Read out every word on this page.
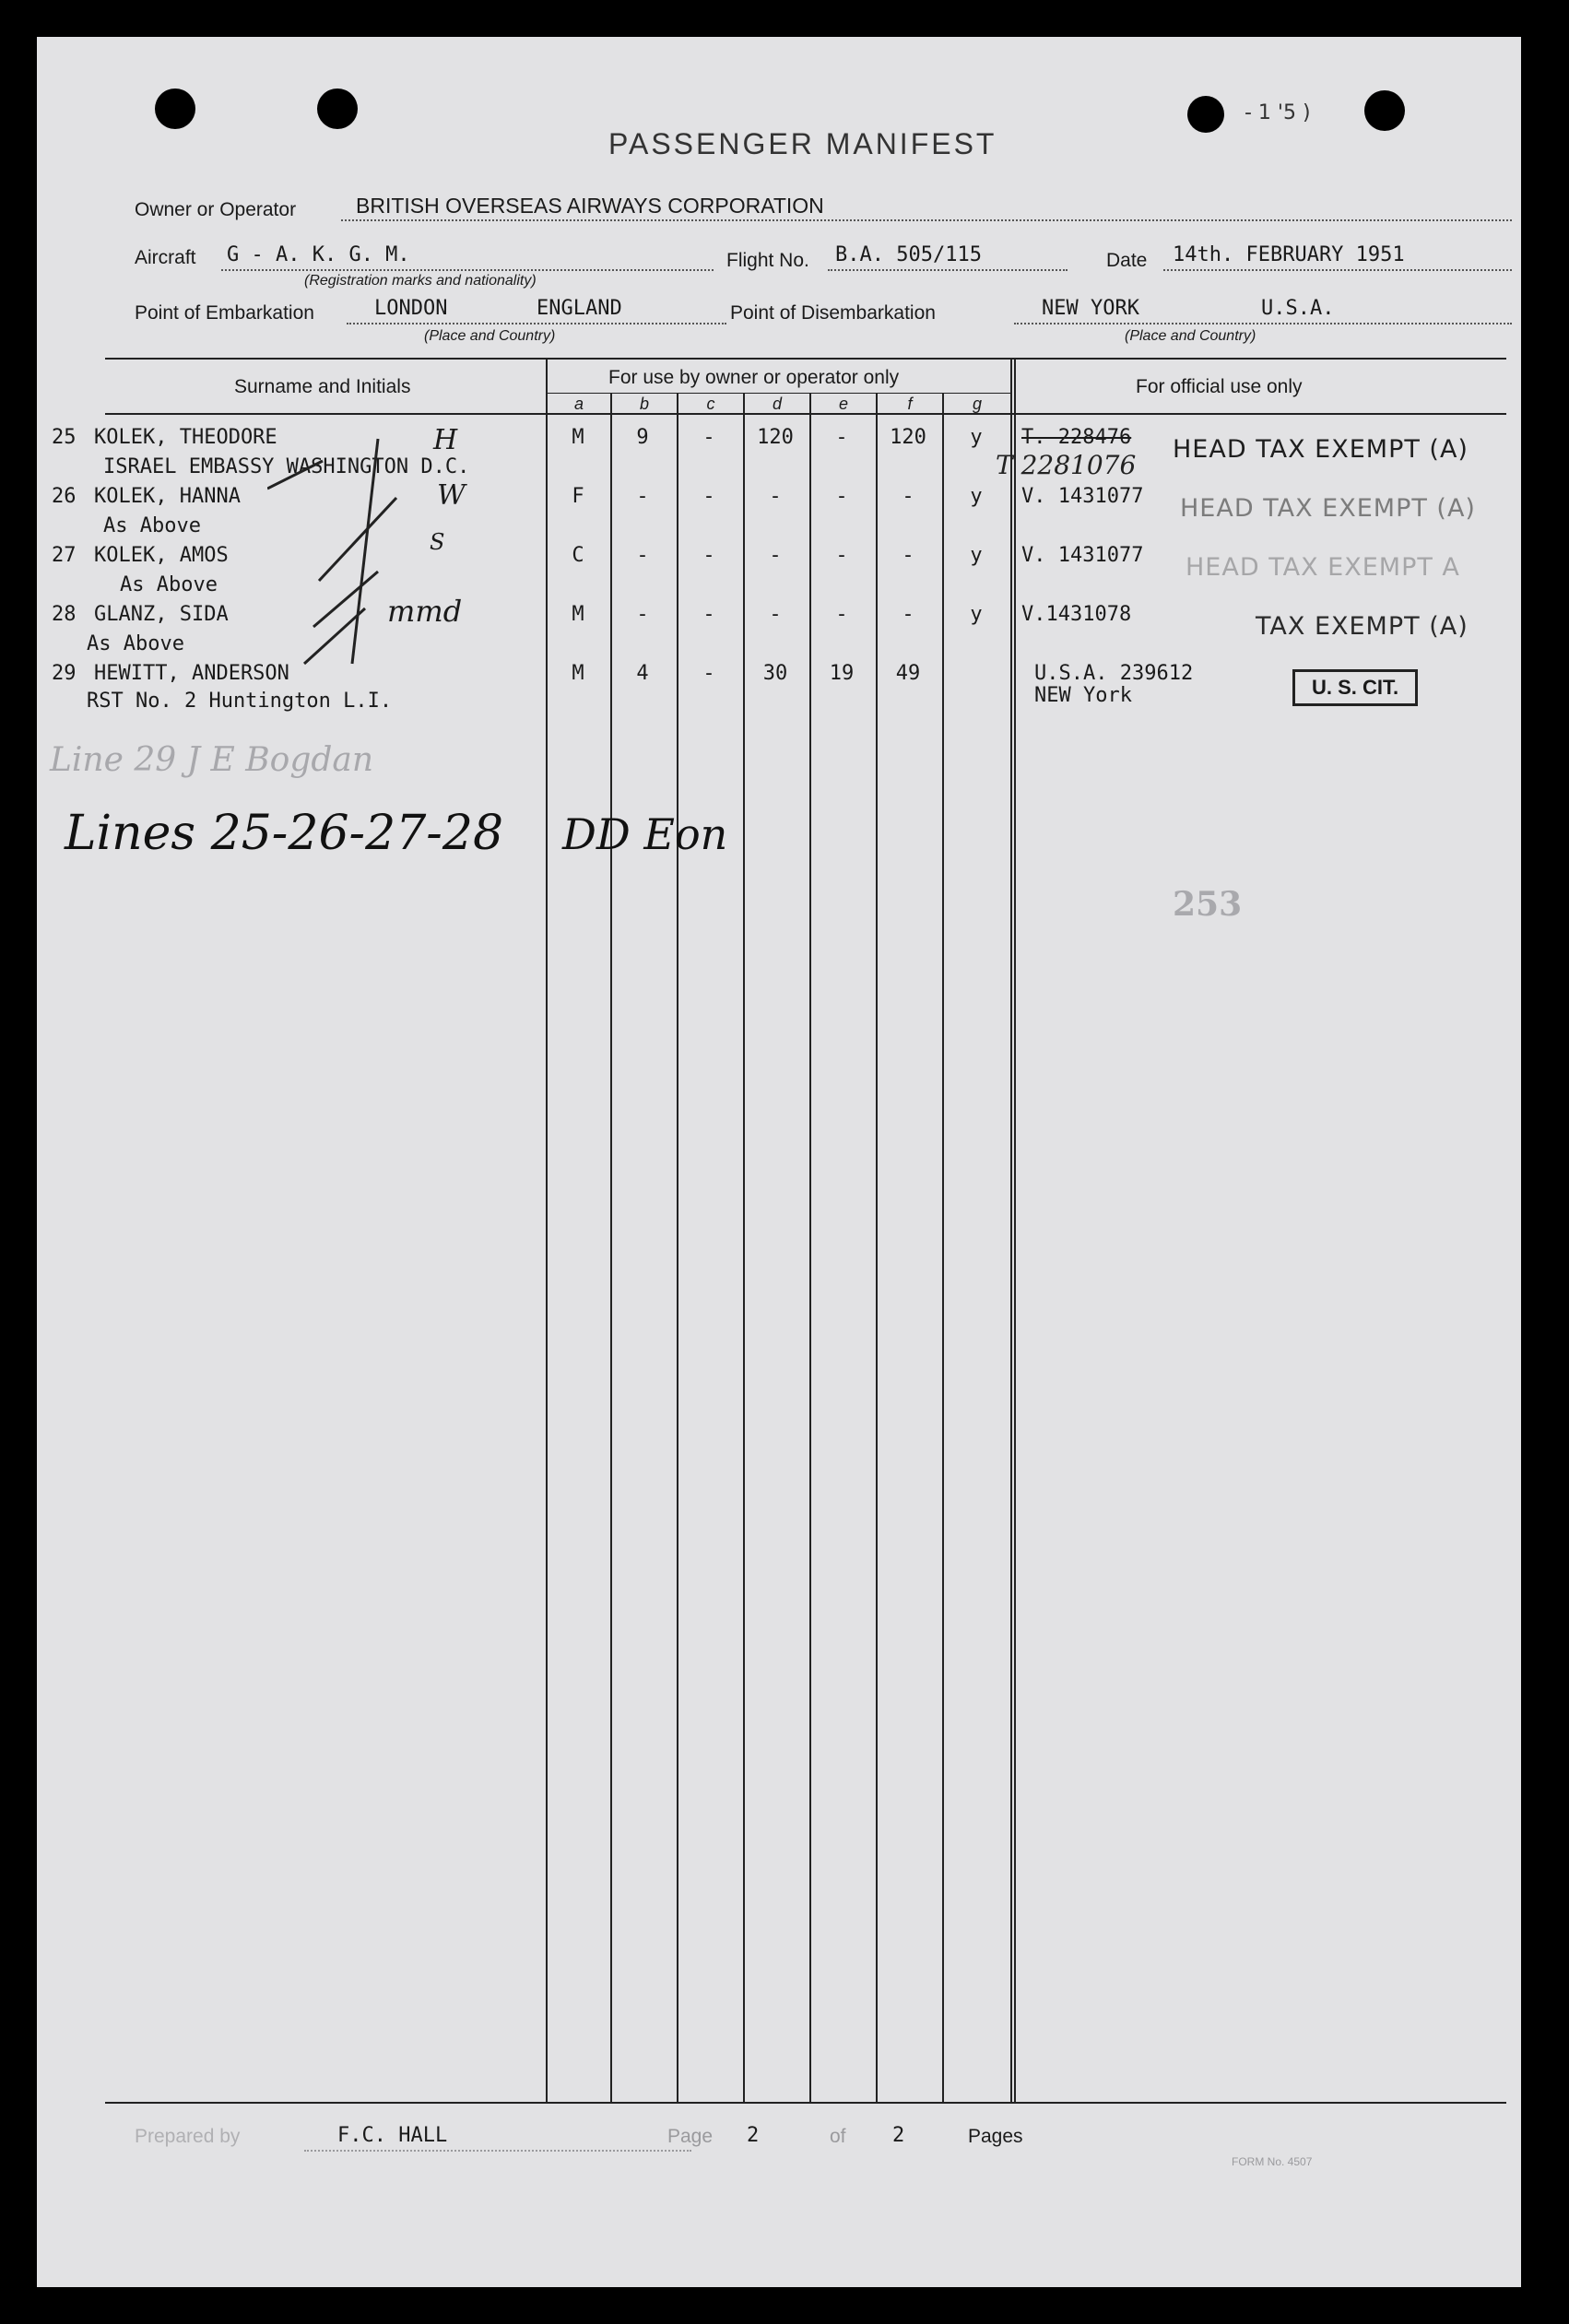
PASSENGER MANIFEST
- 1 '5 )
Owner or Operator	BRITISH OVERSEAS AIRWAYS CORPORATION
Aircraft G - A. K. G. M.
(Registration marks and nationality)
Flight No. B.A. 505/115	Date 14th. FEBRUARY 1951
Point of Embarkation	LONDON	ENGLAND
(Place and Country)
Point of Disembarkation	NEW YORK	U.S.A.
(Place and Country)
Surname and Initials	For use by owner or operator only	For official use only
a	b	c	d	e	f	g
25 KOLEK, THEODORE
ISRAEL EMBASSY WASHINGTON D.C.
M	9	-	120	-	120	y	T. 228476
T 2281076
HEAD TAX EXEMPT (A)
26 KOLEK, HANNA
As Above
F	-	-	-	-	-	y	V. 1431077 HEAD TAX EXEMPT (A)
27 KOLEK, AMOS
As Above
C	-	-	-	-	-	y	V. 1431077 HEAD TAX EXEMPT A
28 GLANZ, SIDA
As Above
M	-	-	-	-	-	y	V.1431078	TAX EXEMPT (A)
29 HEWITT, ANDERSON
RST No. 2 Huntington L.I.
M	4	-	30	19	49	U.S.A. 239612
NEW York	U. S. CIT.
H
W
S
mmd
Line 29 J E Bogdan
Lines 25-26-27-28 DD Eon
253
Prepared by	F.C. HALL	Page 2	of 2	Pages
FORM No. 4507
